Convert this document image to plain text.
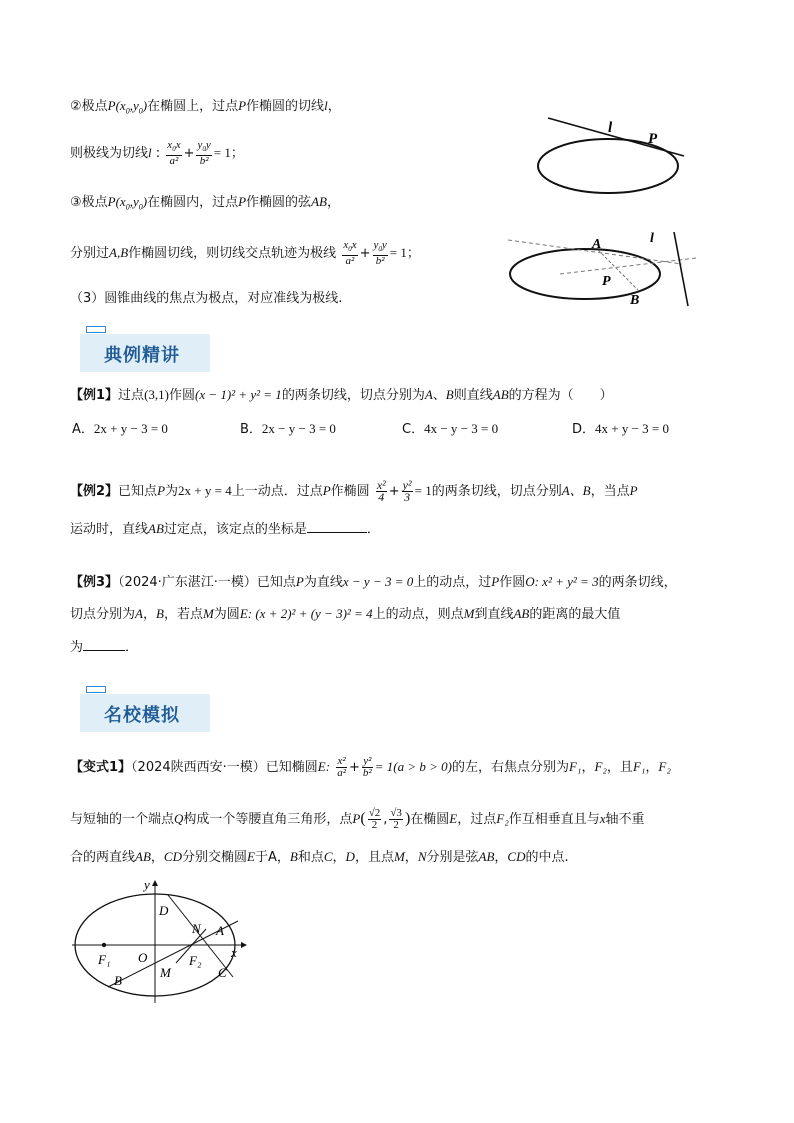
②极点$P(x_0,y_0)$在椭圆上，过点P作椭圆的切线l，
则极线为切线l : $\frac{x_0x}{\text{a²}} + \frac{y_0y}{\text{b²}} = 1$；
③极点$P(x_0,y_0)$在椭圆内，过点P作椭圆的弦AB，
分别过A,B作椭圆切线，则切线交点轨迹为极线 $\frac{x_0x}{\text{a²}} + \frac{y_0y}{\text{b²}} = 1$；
（3）圆锥曲线的焦点为极点，对应准线为极线.
l
P
A
P
B
l
典例精讲
【例1】过点(3,1)作圆(x − 1)² + y² = 1的两条切线，切点分别为A、B则直线AB的方程为（　　）
A．2x + y − 3 = 0	B．2x − y − 3 = 0	C．4x − y − 3 = 0	D．4x + y − 3 = 0
【例2】已知点P为2x + y = 4上一动点．过点P作椭圆 $\frac{\text{x²}}{4} + \frac{\text{y²}}{3} = 1$的两条切线，切点分别A、B，当点P
运动时，直线AB过定点，该定点的坐标是	．
【例3】（2024·广东湛江·一模）已知点P为直线x − y − 3 = 0上的动点，过P作圆O: x² + y² = 3的两条切线，
切点分别为A，B，若点M为圆E: (x + 2)² + (y − 3)² = 4上的动点，则点M到直线AB的距离的最大值
为	．
名校模拟
【变式1】（2024陕西西安·一模）已知椭圆E: $\frac{\text{x²}}{\text{a²}} + \frac{\text{y²}}{\text{b²}} = 1(a > b > 0)$的左，右焦点分别为F₁，F₂，且F₁，F₂
与短轴的一个端点Q构成一个等腰直角三角形，点$P( \frac{√2}{2}$ , $\frac{√3}{2}$ )在椭圆E，过点F₂作互相垂直且与x轴不重
合的两直线AB，CD分别交椭圆E于A，B和点C，D，且点M，N分别是弦AB，CD的中点.
y
x
O
F₁	F₂
A
B
C
D
M
N
